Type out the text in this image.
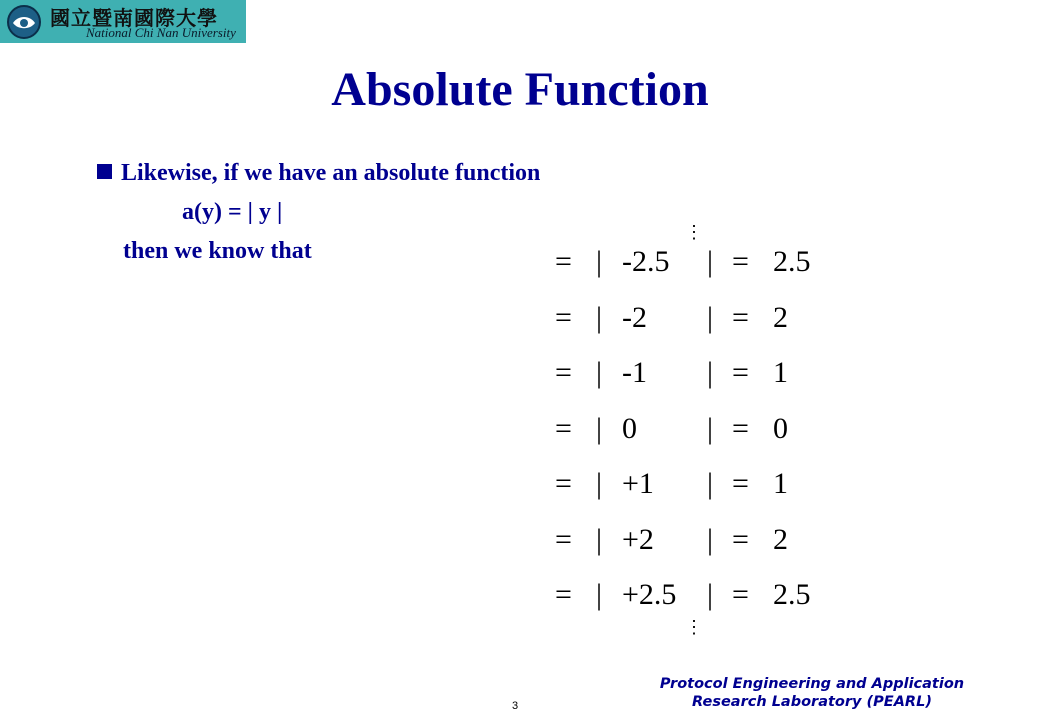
國立暨南國際大學
National Chi Nan University
Absolute Function
Likewise, if we have an absolute function
a(y) = | y |
then we know that
⋮
= | -2.5 | = 2.5
= | -2 | = 2
= | -1 | = 1
= | 0 | = 0
= | +1 | = 1
= | +2 | = 2
= | +2.5 | = 2.5
⋮
Protocol Engineering and Application
Research Laboratory (PEARL)
3
